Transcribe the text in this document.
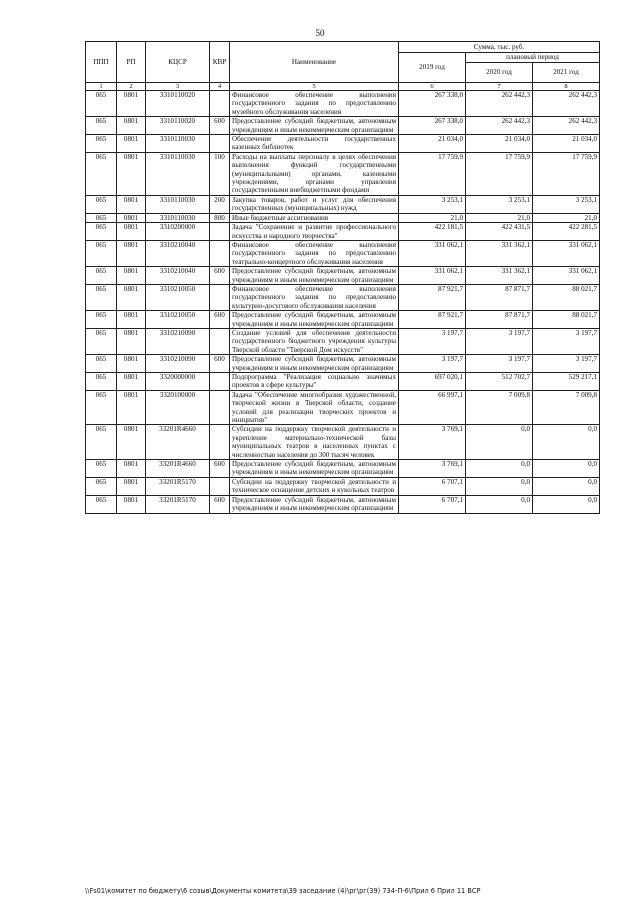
50
ППП	РП	КЦСР	КВР	Наименование	Сумма, тыс. руб.		
					2019 год	плановый период	
						2020 год	2021 год
1	2	3	4	5	6	7	8
065	0801	3310110020		Финансовое обеспечение выполнения государственного задания по предоставлению музейного обслуживания населения	267 338,0	262 442,3	262 442,3
065	0801	3310110020	600	Предоставление субсидий бюджетным, автономным учреждениям и иным некоммерческим организациям	267 338,0	262 442,3	262 442,3
065	0801	3310110030		Обеспечение деятельности государственных казенных библиотек	21 034,0	21 034,0	21 034,0
065	0801	3310110030	100	Расходы на выплаты персоналу в целях обеспечения выполнения функций государственными (муниципальными) органами, казенными учреждениями, органами управления государственными внебюджетными фондами	17 759,9	17 759,9	17 759,9
065	0801	3310110030	200	Закупка товаров, работ и услуг для обеспечения государственных (муниципальных) нужд	3 253,1	3 253,1	3 253,1
065	0801	3310110030	800	Иные бюджетные ассигнования	21,0	21,0	21,0
065	0801	3310200000		Задача "Сохранение и развитие профессионального искусства и народного творчества"	422 181,5	422 431,5	422 281,5
065	0801	3310210040		Финансовое обеспечение выполнения государственного задания по предоставлению театрально-концертного обслуживания населения	331 062,1	331 362,1	331 062,1
065	0801	3310210040	600	Предоставление субсидий бюджетным, автономным учреждениям и иным некоммерческим организациям	331 062,1	331 362,1	331 062,1
065	0801	3310210050		Финансовое обеспечение выполнения государственного задания по предоставлению культурно-досугового обслуживания населения	87 921,7	87 871,7	88 021,7
065	0801	3310210050	600	Предоставление субсидий бюджетным, автономным учреждениям и иным некоммерческим организациям	87 921,7	87 871,7	88 021,7
065	0801	3310210090		Создание условий для обеспечения деятельности государственного бюджетного учреждения культуры Тверской области "Тверской Дом искусств"	3 197,7	3 197,7	3 197,7
065	0801	3310210090	600	Предоставление субсидий бюджетным, автономным учреждениям и иным некоммерческим организациям	3 197,7	3 197,7	3 197,7
065	0801	3320000000		Подпрограмма "Реализация социально значимых проектов в сфере культуры"	697 020,1	512 702,7	529 217,1
065	0801	3320100000		Задача "Обеспечение многообразия художественной, творческой жизни в Тверской области, создание условий для реализации творческих проектов и инициатив"	66 997,1	7 009,8	7 009,8
065	0801	33201R4660		Субсидии на поддержку творческой деятельности и укрепление материально-технической базы муниципальных театров в населенных пунктах с численностью населения до 300 тысяч человек	3 769,1	0,0	0,0
065	0801	33201R4660	600	Предоставление субсидий бюджетным, автономным учреждениям и иным некоммерческим организациям	3 769,1	0,0	0,0
065	0801	33201R5170		Субсидии на поддержку творческой деятельности и техническое оснащение детских и кукольных театров	6 707,1	0,0	0,0
065	0801	33201R5170	600	Предоставление субсидий бюджетным, автономным учреждениям и иным некоммерческим организациям	6 707,1	0,0	0,0
\\Fs01\комитет по бюджету\6 созыв\Документы комитета\39 заседание (4)\рг\рг(39) 734-П-6\Прил 6 Прил 11 ВСР
